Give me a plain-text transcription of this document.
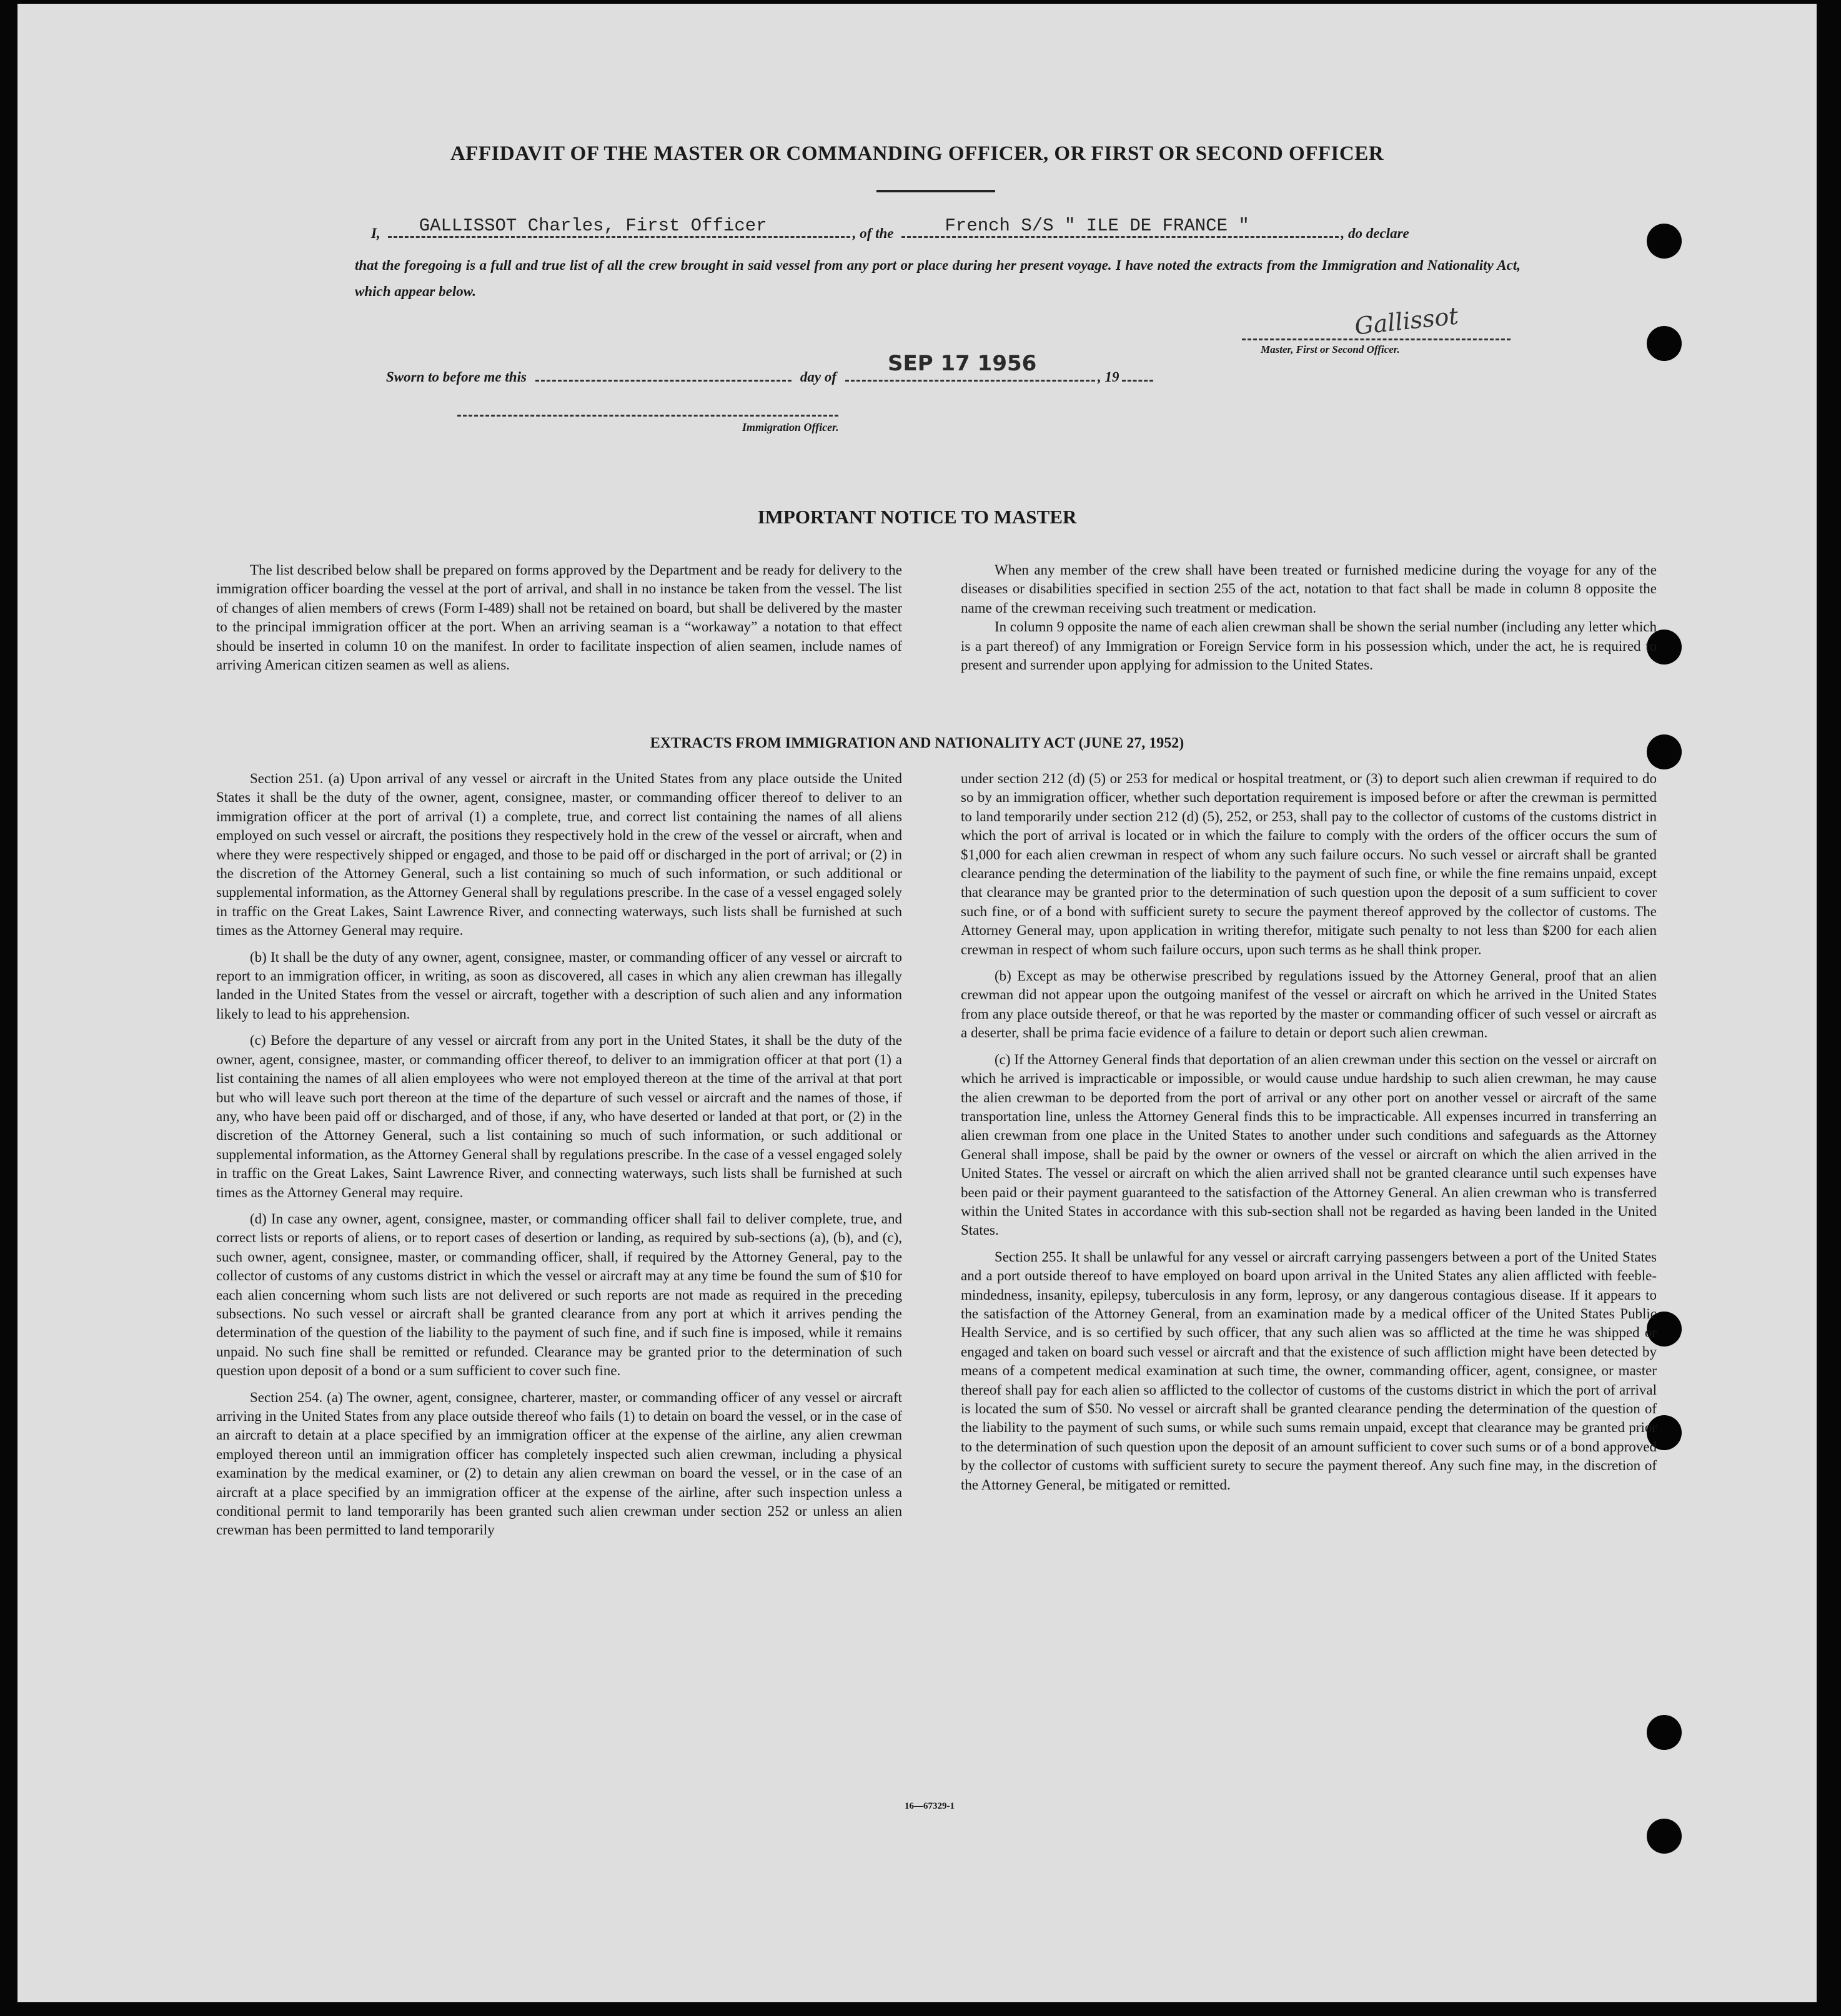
AFFIDAVIT OF THE MASTER OR COMMANDING OFFICER, OR FIRST OR SECOND OFFICER
I, GALLISSOT Charles, First Officer	, of the	French S/S " ILE DE FRANCE "	, do declare
that the foregoing is a full and true list of all the crew brought in said vessel from any port or place during her present voyage. I have noted the extracts from the Immigration and Nationality Act, which appear below.
Gallissot
Master, First or Second Officer.
Sworn to before me this	day of
SEP 17 1956
, 19
Immigration Officer.
IMPORTANT NOTICE TO MASTER

The list described below shall be prepared on forms approved by the Department and be ready for delivery to the immigration officer boarding the vessel at the port of arrival, and shall in no instance be taken from the vessel. The list of changes of alien members of crews (Form I-489) shall not be retained on board, but shall be delivered by the master to the principal immigration officer at the port. When an arriving seaman is a “workaway” a notation to that effect should be inserted in column 10 on the manifest. In order to facilitate inspection of alien seamen, include names of arriving American citizen seamen as well as aliens.

When any member of the crew shall have been treated or furnished medicine during the voyage for any of the diseases or disabilities specified in section 255 of the act, notation to that fact shall be made in column 8 opposite the name of the crewman receiving such treatment or medication.

In column 9 opposite the name of each alien crewman shall be shown the serial number (including any letter which is a part thereof) of any Immigration or Foreign Service form in his possession which, under the act, he is required to present and surrender upon applying for admission to the United States.

EXTRACTS FROM IMMIGRATION AND NATIONALITY ACT (JUNE 27, 1952)

Section 251. (a) Upon arrival of any vessel or aircraft in the United States from any place outside the United States it shall be the duty of the owner, agent, consignee, master, or commanding officer thereof to deliver to an immigration officer at the port of arrival (1) a complete, true, and correct list containing the names of all aliens employed on such vessel or aircraft, the positions they respectively hold in the crew of the vessel or aircraft, when and where they were respectively shipped or engaged, and those to be paid off or discharged in the port of arrival; or (2) in the discretion of the Attorney General, such a list containing so much of such information, or such additional or supplemental information, as the Attorney General shall by regulations prescribe. In the case of a vessel engaged solely in traffic on the Great Lakes, Saint Lawrence River, and connecting waterways, such lists shall be furnished at such times as the Attorney General may require.

(b) It shall be the duty of any owner, agent, consignee, master, or commanding officer of any vessel or aircraft to report to an immigration officer, in writing, as soon as discovered, all cases in which any alien crewman has illegally landed in the United States from the vessel or aircraft, together with a description of such alien and any information likely to lead to his apprehension.

(c) Before the departure of any vessel or aircraft from any port in the United States, it shall be the duty of the owner, agent, consignee, master, or commanding officer thereof, to deliver to an immigration officer at that port (1) a list containing the names of all alien employees who were not employed thereon at the time of the arrival at that port but who will leave such port thereon at the time of the departure of such vessel or aircraft and the names of those, if any, who have been paid off or discharged, and of those, if any, who have deserted or landed at that port, or (2) in the discretion of the Attorney General, such a list containing so much of such information, or such additional or supplemental information, as the Attorney General shall by regulations prescribe. In the case of a vessel engaged solely in traffic on the Great Lakes, Saint Lawrence River, and connecting waterways, such lists shall be furnished at such times as the Attorney General may require.

(d) In case any owner, agent, consignee, master, or commanding officer shall fail to deliver complete, true, and correct lists or reports of aliens, or to report cases of desertion or landing, as required by sub-sections (a), (b), and (c), such owner, agent, consignee, master, or commanding officer, shall, if required by the Attorney General, pay to the collector of customs of any customs district in which the vessel or aircraft may at any time be found the sum of $10 for each alien concerning whom such lists are not delivered or such reports are not made as required in the preceding subsections. No such vessel or aircraft shall be granted clearance from any port at which it arrives pending the determination of the question of the liability to the payment of such fine, and if such fine is imposed, while it remains unpaid. No such fine shall be remitted or refunded. Clearance may be granted prior to the determination of such question upon deposit of a bond or a sum sufficient to cover such fine.

Section 254. (a) The owner, agent, consignee, charterer, master, or commanding officer of any vessel or aircraft arriving in the United States from any place outside thereof who fails (1) to detain on board the vessel, or in the case of an aircraft to detain at a place specified by an immigration officer at the expense of the airline, any alien crewman employed thereon until an immigration officer has completely inspected such alien crewman, including a physical examination by the medical examiner, or (2) to detain any alien crewman on board the vessel, or in the case of an aircraft at a place specified by an immigration officer at the expense of the airline, after such inspection unless a conditional permit to land temporarily has been granted such alien crewman under section 252 or unless an alien crewman has been permitted to land temporarily

under section 212 (d) (5) or 253 for medical or hospital treatment, or (3) to deport such alien crewman if required to do so by an immigration officer, whether such deportation requirement is imposed before or after the crewman is permitted to land temporarily under section 212 (d) (5), 252, or 253, shall pay to the collector of customs of the customs district in which the port of arrival is located or in which the failure to comply with the orders of the officer occurs the sum of $1,000 for each alien crewman in respect of whom any such failure occurs. No such vessel or aircraft shall be granted clearance pending the determination of the liability to the payment of such fine, or while the fine remains unpaid, except that clearance may be granted prior to the determination of such question upon the deposit of a sum sufficient to cover such fine, or of a bond with sufficient surety to secure the payment thereof approved by the collector of customs. The Attorney General may, upon application in writing therefor, mitigate such penalty to not less than $200 for each alien crewman in respect of whom such failure occurs, upon such terms as he shall think proper.

(b) Except as may be otherwise prescribed by regulations issued by the Attorney General, proof that an alien crewman did not appear upon the outgoing manifest of the vessel or aircraft on which he arrived in the United States from any place outside thereof, or that he was reported by the master or commanding officer of such vessel or aircraft as a deserter, shall be prima facie evidence of a failure to detain or deport such alien crewman.

(c) If the Attorney General finds that deportation of an alien crewman under this section on the vessel or aircraft on which he arrived is impracticable or impossible, or would cause undue hardship to such alien crewman, he may cause the alien crewman to be deported from the port of arrival or any other port on another vessel or aircraft of the same transportation line, unless the Attorney General finds this to be impracticable. All expenses incurred in transferring an alien crewman from one place in the United States to another under such conditions and safeguards as the Attorney General shall impose, shall be paid by the owner or owners of the vessel or aircraft on which the alien arrived in the United States. The vessel or aircraft on which the alien arrived shall not be granted clearance until such expenses have been paid or their payment guaranteed to the satisfaction of the Attorney General. An alien crewman who is transferred within the United States in accordance with this sub-section shall not be regarded as having been landed in the United States.

Section 255. It shall be unlawful for any vessel or aircraft carrying passengers between a port of the United States and a port outside thereof to have employed on board upon arrival in the United States any alien afflicted with feeble-mindedness, insanity, epilepsy, tuberculosis in any form, leprosy, or any dangerous contagious disease. If it appears to the satisfaction of the Attorney General, from an examination made by a medical officer of the United States Public Health Service, and is so certified by such officer, that any such alien was so afflicted at the time he was shipped or engaged and taken on board such vessel or aircraft and that the existence of such affliction might have been detected by means of a competent medical examination at such time, the owner, commanding officer, agent, consignee, or master thereof shall pay for each alien so afflicted to the collector of customs of the customs district in which the port of arrival is located the sum of $50. No vessel or aircraft shall be granted clearance pending the determination of the question of the liability to the payment of such sums, or while such sums remain unpaid, except that clearance may be granted prior to the determination of such question upon the deposit of an amount sufficient to cover such sums or of a bond approved by the collector of customs with sufficient surety to secure the payment thereof. Any such fine may, in the discretion of the Attorney General, be mitigated or remitted.

16—67329-1
